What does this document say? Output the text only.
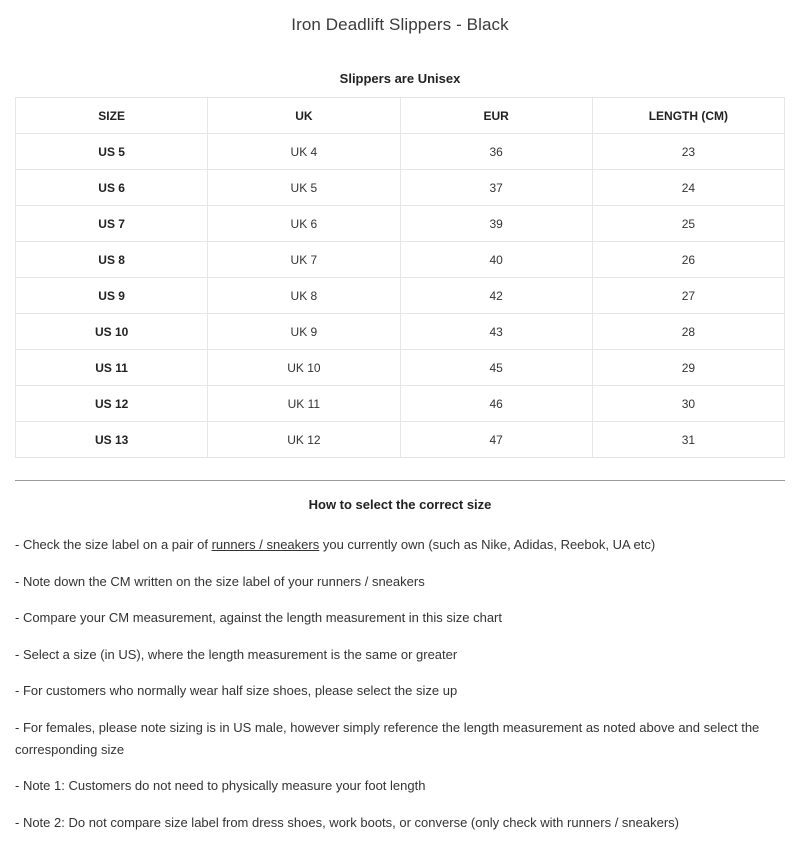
Iron Deadlift Slippers - Black
Slippers are Unisex
SIZE	UK	EUR	LENGTH (CM)
US 5	UK 4	36	23
US 6	UK 5	37	24
US 7	UK 6	39	25
US 8	UK 7	40	26
US 9	UK 8	42	27
US 10	UK 9	43	28
US 11	UK 10	45	29
US 12	UK 11	46	30
US 13	UK 12	47	31
How to select the correct size
- Check the size label on a pair of runners / sneakers you currently own (such as Nike, Adidas, Reebok, UA etc)
- Note down the CM written on the size label of your runners / sneakers
- Compare your CM measurement, against the length measurement in this size chart
- Select a size (in US), where the length measurement is the same or greater
- For customers who normally wear half size shoes, please select the size up
- For females, please note sizing is in US male, however simply reference the length measurement as noted above and select the corresponding size
- Note 1: Customers do not need to physically measure your foot length
- Note 2: Do not compare size label from dress shoes, work boots, or converse (only check with runners / sneakers)
